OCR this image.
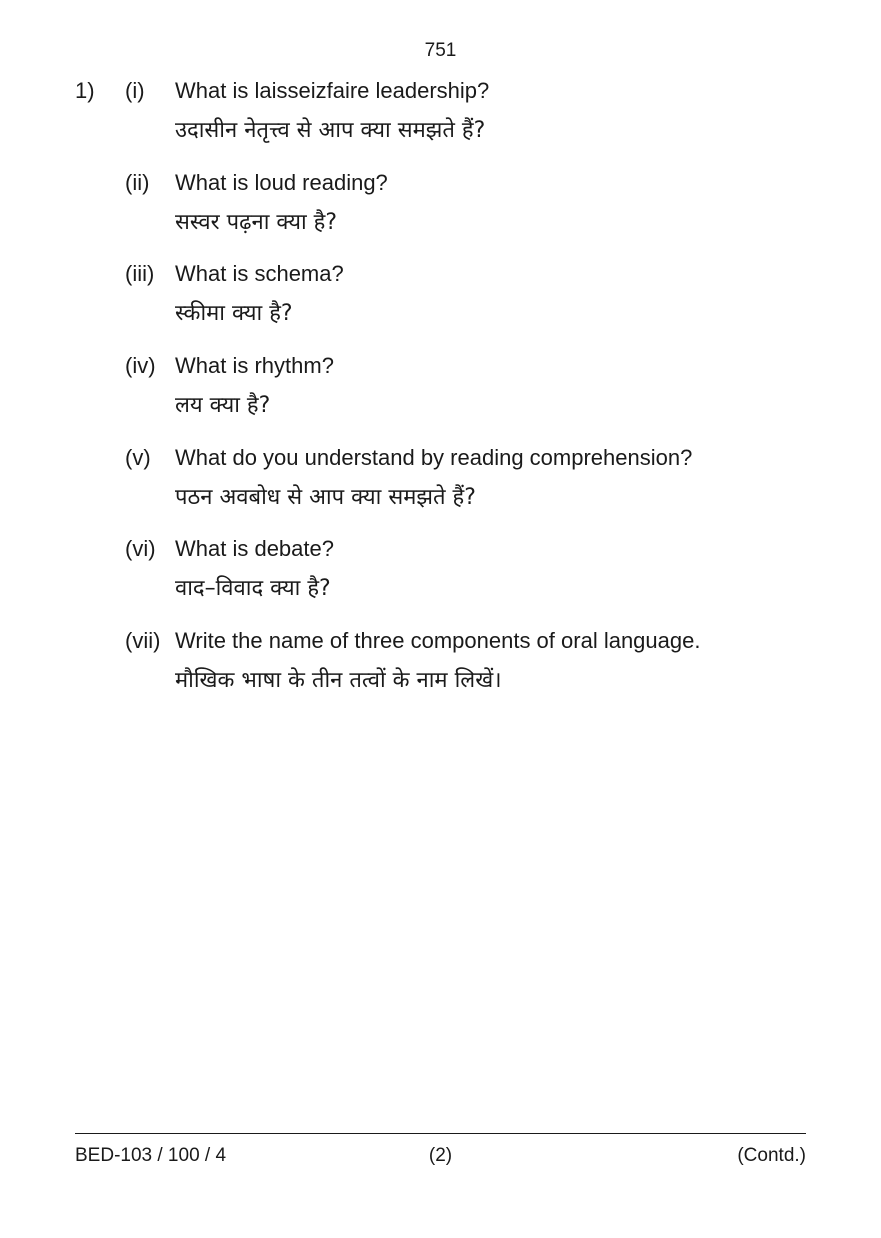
751
1) (i) What is laisseizfaire leadership?
उदासीन नेतृत्त्व से आप क्या समझते हैं?
(ii) What is loud reading?
सस्वर पढ़ना क्या है?
(iii) What is schema?
स्कीमा क्या है?
(iv) What is rhythm?
लय क्या है?
(v) What do you understand by reading comprehension?
पठन अवबोध से आप क्या समझते हैं?
(vi) What is debate?
वाद–विवाद क्या है?
(vii) Write the name of three components of oral language.
मौखिक भाषा के तीन तत्वों के नाम लिखें।
BED-103 / 100 / 4	(2)	(Contd.)
